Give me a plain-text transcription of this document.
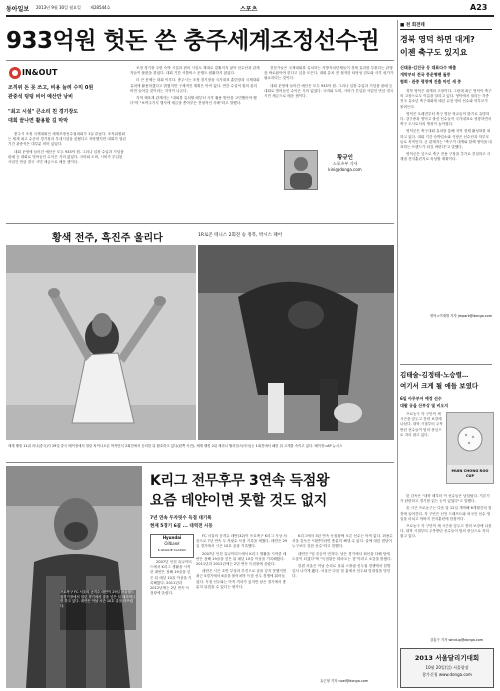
동아일보 2013년 9월 30일 월요일 제28544호	스포츠	A23
933억원 헛돈 쓴 충주세계조정선수권
IN&OUT
조직위 돈 못 쓰고, 비용 늘려 수익 0원
관중석 텅텅 비어 예산만 낭비
"최고 시설" 큰소리 친 경기장도
대회 끝나면 활용할 길 막막

충주시 조정 국제대회인 세계조정선수권대회가 1일 끝났다. 조직위원회는 세계 최고 수준의 경기장과 부대시설을 갖췄다고 자랑했지만 대회가 열린 기간 관중석은 대부분 비어 있었다.

대회 운영에 들어간 예산은 모두 933억 원. 그러나 입장 수입과 기념품 판매 등 대회로 벌어들인 수익은 거의 없었다. 국비와 도비, 시비가 투입된 사업인 만큼 결국 시민 세금으로 메운 셈이다.

조정 경기장 주변 숙박 시설과 편의 시설도 제대로 갖춰지지 않아 선수단과 관계자들이 불편을 겪었다. 대회 기간 셔틀버스 운행도 원활하지 않았다.

더 큰 문제는 대회 이후다. 충주시는 조정 경기장을 국가대표 훈련장과 국제대회 유치에 활용하겠다고 밝혔지만 구체적인 계획은 아직 없다. 연간 수십억 원의 관리비만 들어갈 것이라는 지적이 나온다.

지역 체육계 관계자는 "대회를 유치할 때부터 사후 활용 방안을 고민했어야 했다"며 "보여주기식 행사에 세금을 쏟아부은 전형적인 사례"라고 말했다.

전문가들은 국제대회를 유치하는 지방자치단체들이 경제 효과를 부풀리는 관행을 바로잡아야 한다고 입을 모은다. 대회 유치 전 철저한 타당성 검토와 사후 평가가 필요하다는 것이다.

대회 운영에 들어간 예산은 모두 933억 원. 그러나 입장 수입과 기념품 판매 등 대회로 벌어들인 수익은 거의 없었다. 국비와 도비, 시비가 투입된 사업인 만큼 결국 시민 세금으로 메운 셈이다.

황규인
스포츠부 기자
kini@donga.com
황색 전주, 흑진주 울리다	1R로콘 테니스 2회전 승 정복, 박시스 패어
세계 랭킹 11위 리나(중국)가 29일 중국 베이징에서 열린 차이나오픈 여자단식 2회전에서 승리한 뒤 환호하고 있다(왼쪽 사진). 세계 랭킹 2위 세리나 윌리엄스(미국)는 1회전에서 패한 뒤 고개를 숙이고 있다. 베이징=AP 뉴시스
프로축구 FC 서울의 공격수 데얀이 29일 서울월드컵경기장에서 열린 경기에서 골을 넣은 뒤 세리머니를 하고 있다. 데얀은 이날 시즌 10호 골을 터뜨렸다.
K리그 전무후무 3연속 득점왕
요즘 데얀이면 못할 것도 없지
7년 연속 두자릿수 득점 대기록
현재 5경기 6골 ... 대역전 시동
Hyundai
Oilbank
K LEAGUE CLASSIC

FC 서울의 공격수 데얀(32)이 프로축구 K리그 사상 처음으로 7년 연속 두 자릿수 득점 기록을 세웠다. 데얀은 29일 경기에서 시즌 10호 골을 기록했다.

2007년 인천 유나이티드에서 K리그 생활을 시작한 데얀은 첫해 19골을 넣은 뒤 매년 10골 이상을 기록해왔다. 2011년과 2012년에는 2년 연속 득점왕에 올랐다.

데얀은 시즌 초반 부상과 부진으로 골을 넣지 못했지만 최근 5경기에서 6골을 몰아치며 득점 선두 경쟁에 뛰어들었다. 득점 선두와는 아직 격차가 있지만 남은 경기에서 충분히 뒤집을 수 있다는 평가다.

K리그에서 3년 연속 득점왕에 오른 선수는 아직 없다. 최용수 서울 감독은 "데얀이라면 충분히 해낼 수 있다. 골에 대한 집념이 누구보다 강한 선수"라고 말했다.

데얀은 "팀 우승이 먼저다. 남은 경기에서 최선을 다해 팀에 도움이 되겠다"며 "득점왕은 따라오는 것"이라고 소감을 밝혔다.

한편 서울은 이날 승리로 상위 스플릿 선두권 경쟁에서 한발 앞서 나가게 됐다. 서울은 다음 달 홈에서 선두와 맞대결을 벌인다.

2007년 인천 유나이티드에서 K리그 생활을 시작한 데얀은 첫해 19골을 넣은 뒤 매년 10골 이상을 기록해왔다. 2011년과 2012년에는 2년 연속 득점왕에 올랐다.

유근형 기자 noel@donga.com
■ 천 회전테
경북 영덕 하면 대게?
이젠 축구도 있지요
신태용-김진규 등 대표다수 배출
개막부터 전국 풍운형팬 돌풍
협회ㆍ관중 평창예 진출 마인 세 중

경북 영덕은 대게의 고장이다. 그런데 최근 영덕이 축구의 고장으로도 이름을 알리고 있다. 영덕에서 열리는 각종 전국 유소년 축구대회에 매년 수천 명의 선수와 학부모가 몰려든다.

영덕은 오래전부터 축구 명문 학교들이 많기로 유명하다. 강구중과 영덕고 출신 선수들이 국가대표로 성장하면서 축구 도시로서의 명성이 높아졌다.

영덕군은 축구대회 유치를 통해 지역 경제 활성화를 꾀하고 있다. 대회 기간 숙박업소와 식당은 선수단과 학부모들로 북적인다. 군 관계자는 "축구가 대게와 함께 영덕을 대표하는 브랜드가 되길 바란다"고 말했다.

영덕군은 앞으로 축구 전용 구장을 추가로 건설하고 사계절 전지훈련지로 육성할 계획이다.

영덕=이재명 기자 jmpark@donga.com
김태술-김정태-노승렬…
여기서 크게 될 애들 보였다
6일 아무부어 예정 선수
대팔 공을 산부상 및 비오지

프로농구 각 구단이 새 시즌을 앞두고 전력 보강에 나섰다. 대학 시절부터 주목받던 선수들이 팀의 중심으로 자리 잡고 있다.

MUIN CHONG ROO CUP

한 감독은 "대학 때부터 이 선수들은 남달랐다. 기본기가 탄탄하고 경기를 읽는 눈이 있었다"고 말했다.

올 시즌 프로농구는 다음 달 12일 개막해 6개월간의 열전에 들어간다. 각 구단은 신인 드래프트와 외국인 선수 영입을 마치고 막바지 전지훈련에 한창이다.

프로농구 각 구단이 새 시즌을 앞두고 전력 보강에 나섰다. 대학 시절부터 주목받던 선수들이 팀의 중심으로 자리 잡고 있다.

강홍구 기자 windup@donga.com
2013 서울달리기대회
10월 20일(일) 서울광장
참가신청 www.donga.com
